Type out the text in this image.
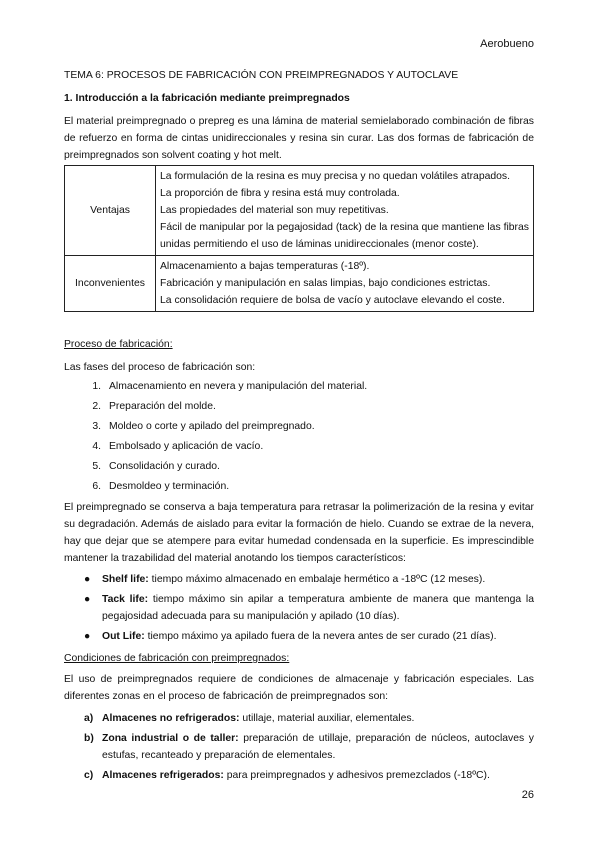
Aerobueno
TEMA 6: PROCESOS DE FABRICACIÓN CON PREIMPREGNADOS Y AUTOCLAVE
1. Introducción a la fabricación mediante preimpregnados
El material preimpregnado o prepreg es una lámina de material semielaborado combinación de fibras de refuerzo en forma de cintas unidireccionales y resina sin curar. Las dos formas de fabricación de preimpregnados son solvent coating y hot melt.
Ventajas	La formulación de la resina es muy precisa y no quedan volátiles atrapados.
La proporción de fibra y resina está muy controlada.
Las propiedades del material son muy repetitivas.
Fácil de manipular por la pegajosidad (tack) de la resina que mantiene las fibras unidas permitiendo el uso de láminas unidireccionales (menor coste).

Inconvenientes	Almacenamiento a bajas temperaturas (-18º).
Fabricación y manipulación en salas limpias, bajo condiciones estrictas.
La consolidación requiere de bolsa de vacío y autoclave elevando el coste.
Proceso de fabricación:
Las fases del proceso de fabricación son:
1. Almacenamiento en nevera y manipulación del material.
2. Preparación del molde.
3. Moldeo o corte y apilado del preimpregnado.
4. Embolsado y aplicación de vacío.
5. Consolidación y curado.
6. Desmoldeo y terminación.
El preimpregnado se conserva a baja temperatura para retrasar la polimerización de la resina y evitar su degradación. Además de aislado para evitar la formación de hielo. Cuando se extrae de la nevera, hay que dejar que se atempere para evitar humedad condensada en la superficie. Es imprescindible mantener la trazabilidad del material anotando los tiempos característicos:
● Shelf life: tiempo máximo almacenado en embalaje hermético a -18ºC (12 meses).
● Tack life: tiempo máximo sin apilar a temperatura ambiente de manera que mantenga la pegajosidad adecuada para su manipulación y apilado (10 días).
● Out Life: tiempo máximo ya apilado fuera de la nevera antes de ser curado (21 días).
Condiciones de fabricación con preimpregnados:
El uso de preimpregnados requiere de condiciones de almacenaje y fabricación especiales. Las diferentes zonas en el proceso de fabricación de preimpregnados son:
a) Almacenes no refrigerados: utillaje, material auxiliar, elementales.
b) Zona industrial o de taller: preparación de utillaje, preparación de núcleos, autoclaves y estufas, recanteado y preparación de elementales.
c) Almacenes refrigerados: para preimpregnados y adhesivos premezclados (-18ºC).
26
